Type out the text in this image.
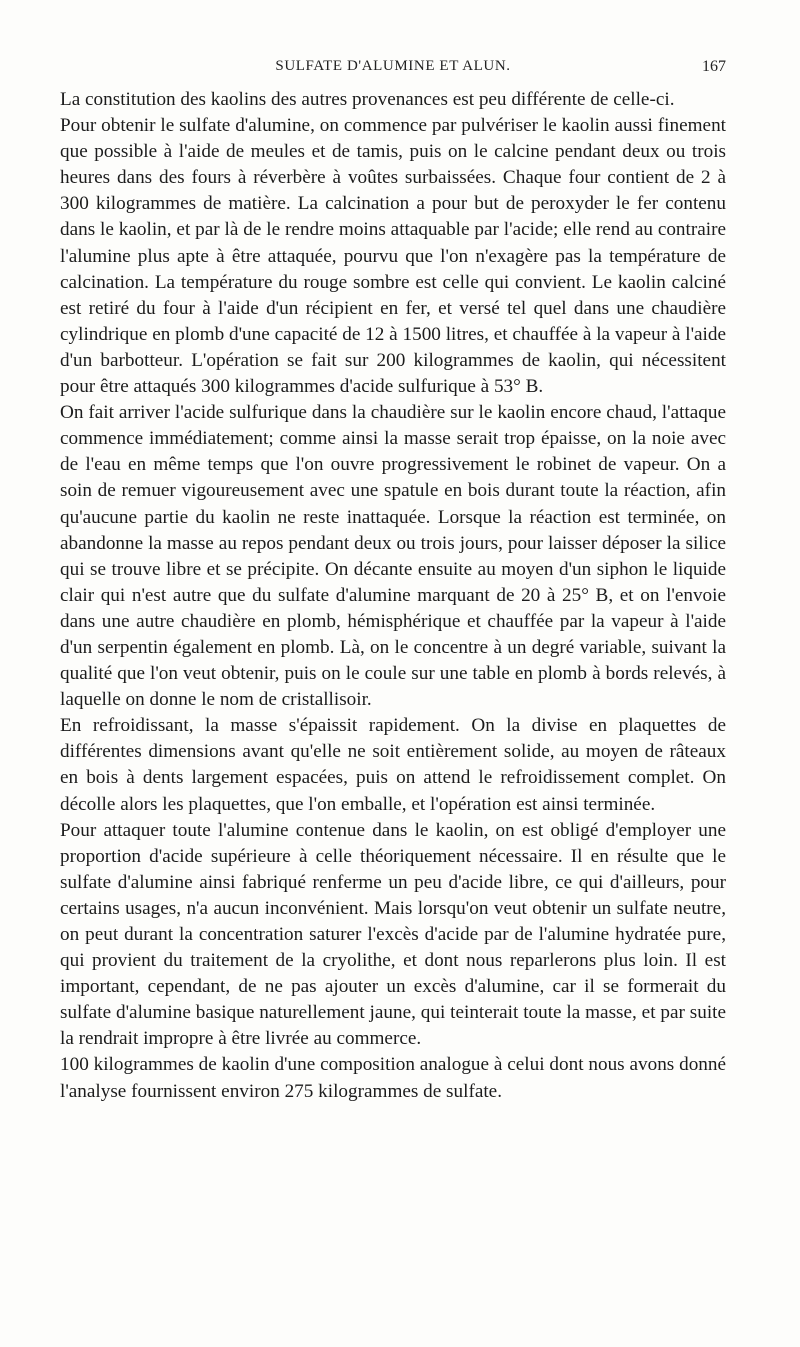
SULFATE D'ALUMINE ET ALUN.	167

La constitution des kaolins des autres provenances est peu différente de celle-ci.

Pour obtenir le sulfate d'alumine, on commence par pulvériser le kaolin aussi finement que possible à l'aide de meules et de tamis, puis on le calcine pendant deux ou trois heures dans des fours à réverbère à voûtes surbaissées. Chaque four contient de 2 à 300 kilogrammes de matière. La calcination a pour but de peroxyder le fer contenu dans le kaolin, et par là de le rendre moins attaquable par l'acide; elle rend au contraire l'alumine plus apte à être attaquée, pourvu que l'on n'exagère pas la température de calcination. La température du rouge sombre est celle qui convient. Le kaolin calciné est retiré du four à l'aide d'un récipient en fer, et versé tel quel dans une chaudière cylindrique en plomb d'une capacité de 12 à 1500 litres, et chauffée à la vapeur à l'aide d'un barbotteur. L'opération se fait sur 200 kilogrammes de kaolin, qui nécessitent pour être attaqués 300 kilogrammes d'acide sulfurique à 53° B.

On fait arriver l'acide sulfurique dans la chaudière sur le kaolin encore chaud, l'attaque commence immédiatement; comme ainsi la masse serait trop épaisse, on la noie avec de l'eau en même temps que l'on ouvre progressivement le robinet de vapeur. On a soin de remuer vigoureusement avec une spatule en bois durant toute la réaction, afin qu'aucune partie du kaolin ne reste inattaquée. Lorsque la réaction est terminée, on abandonne la masse au repos pendant deux ou trois jours, pour laisser déposer la silice qui se trouve libre et se précipite. On décante ensuite au moyen d'un siphon le liquide clair qui n'est autre que du sulfate d'alumine marquant de 20 à 25° B, et on l'envoie dans une autre chaudière en plomb, hémisphérique et chauffée par la vapeur à l'aide d'un serpentin également en plomb. Là, on le concentre à un degré variable, suivant la qualité que l'on veut obtenir, puis on le coule sur une table en plomb à bords relevés, à laquelle on donne le nom de cristallisoir.

En refroidissant, la masse s'épaissit rapidement. On la divise en plaquettes de différentes dimensions avant qu'elle ne soit entièrement solide, au moyen de râteaux en bois à dents largement espacées, puis on attend le refroidissement complet. On décolle alors les plaquettes, que l'on emballe, et l'opération est ainsi terminée.

Pour attaquer toute l'alumine contenue dans le kaolin, on est obligé d'employer une proportion d'acide supérieure à celle théoriquement nécessaire. Il en résulte que le sulfate d'alumine ainsi fabriqué renferme un peu d'acide libre, ce qui d'ailleurs, pour certains usages, n'a aucun inconvénient. Mais lorsqu'on veut obtenir un sulfate neutre, on peut durant la concentration saturer l'excès d'acide par de l'alumine hydratée pure, qui provient du traitement de la cryolithe, et dont nous reparlerons plus loin. Il est important, cependant, de ne pas ajouter un excès d'alumine, car il se formerait du sulfate d'alumine basique naturellement jaune, qui teinterait toute la masse, et par suite la rendrait impropre à être livrée au commerce.

100 kilogrammes de kaolin d'une composition analogue à celui dont nous avons donné l'analyse fournissent environ 275 kilogrammes de sulfate.
